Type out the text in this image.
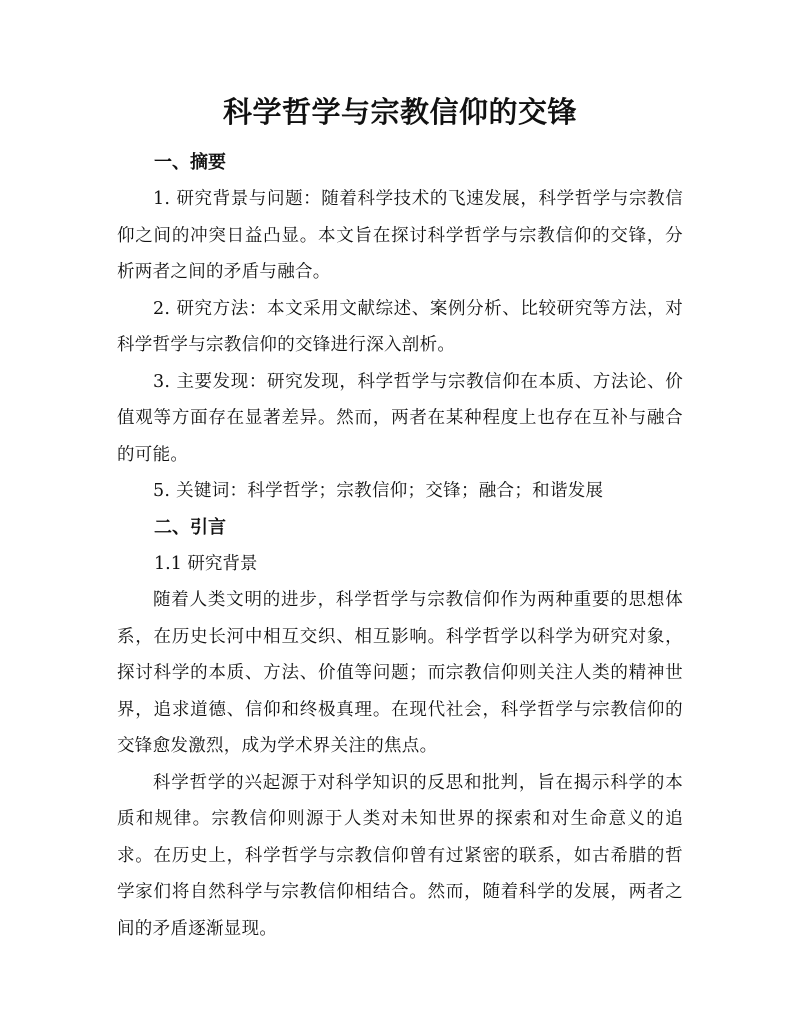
科学哲学与宗教信仰的交锋

一、摘要

1. 研究背景与问题：随着科学技术的飞速发展，科学哲学与宗教信仰之间的冲突日益凸显。本文旨在探讨科学哲学与宗教信仰的交锋，分析两者之间的矛盾与融合。

2. 研究方法：本文采用文献综述、案例分析、比较研究等方法，对科学哲学与宗教信仰的交锋进行深入剖析。

3. 主要发现：研究发现，科学哲学与宗教信仰在本质、方法论、价值观等方面存在显著差异。然而，两者在某种程度上也存在互补与融合的可能。

5. 关键词：科学哲学；宗教信仰；交锋；融合；和谐发展

二、引言

1.1 研究背景

随着人类文明的进步，科学哲学与宗教信仰作为两种重要的思想体系，在历史长河中相互交织、相互影响。科学哲学以科学为研究对象，探讨科学的本质、方法、价值等问题；而宗教信仰则关注人类的精神世界，追求道德、信仰和终极真理。在现代社会，科学哲学与宗教信仰的交锋愈发激烈，成为学术界关注的焦点。

科学哲学的兴起源于对科学知识的反思和批判，旨在揭示科学的本质和规律。宗教信仰则源于人类对未知世界的探索和对生命意义的追求。在历史上，科学哲学与宗教信仰曾有过紧密的联系，如古希腊的哲学家们将自然科学与宗教信仰相结合。然而，随着科学的发展，两者之间的矛盾逐渐显现。
